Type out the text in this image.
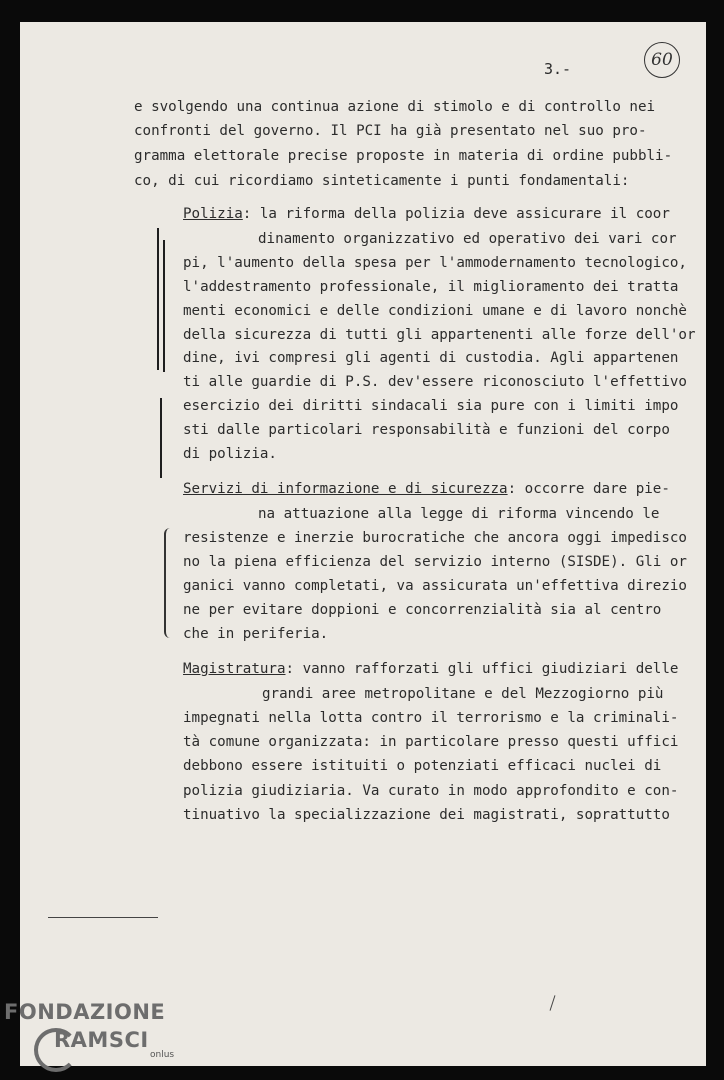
3.-	60

e svolgendo una continua azione di stimolo e di controllo nei

confronti del governo. Il PCI ha già presentato nel suo pro-

gramma elettorale precise proposte in materia di ordine pubbli-

co, di cui ricordiamo sinteticamente i punti fondamentali:

Polizia: la riforma della polizia deve assicurare il coor

dinamento organizzativo ed operativo dei vari cor

pi, l'aumento della spesa per l'ammodernamento tecnologico,

l'addestramento professionale, il miglioramento dei tratta

menti economici e delle condizioni umane e di lavoro nonchè

della sicurezza di tutti gli appartenenti alle forze dell'or

dine, ivi compresi gli agenti di custodia. Agli appartenen

ti alle guardie di P.S. dev'essere riconosciuto l'effettivo

esercizio dei diritti sindacali sia pure con i limiti impo

sti dalle particolari responsabilità e funzioni del corpo

di polizia.

Servizi di informazione e di sicurezza: occorre dare pie-

na attuazione alla legge di riforma vincendo le

resistenze e inerzie burocratiche che ancora oggi impedisco

no la piena efficienza del servizio interno (SISDE). Gli or

ganici vanno completati, va assicurata un'effettiva direzio

ne per evitare doppioni e concorrenzialità sia al centro

che in periferia.

Magistratura: vanno rafforzati gli uffici giudiziari delle

grandi aree metropolitane e del Mezzogiorno più

impegnati nella lotta contro il terrorismo e la criminali-

tà comune organizzata: in particolare presso questi uffici

debbono essere istituiti o potenziati efficaci nuclei di

polizia giudiziaria. Va curato in modo approfondito e con-

tinuativo la specializzazione dei magistrati, soprattutto

FONDAZIONE
RAMSCI
onlus
